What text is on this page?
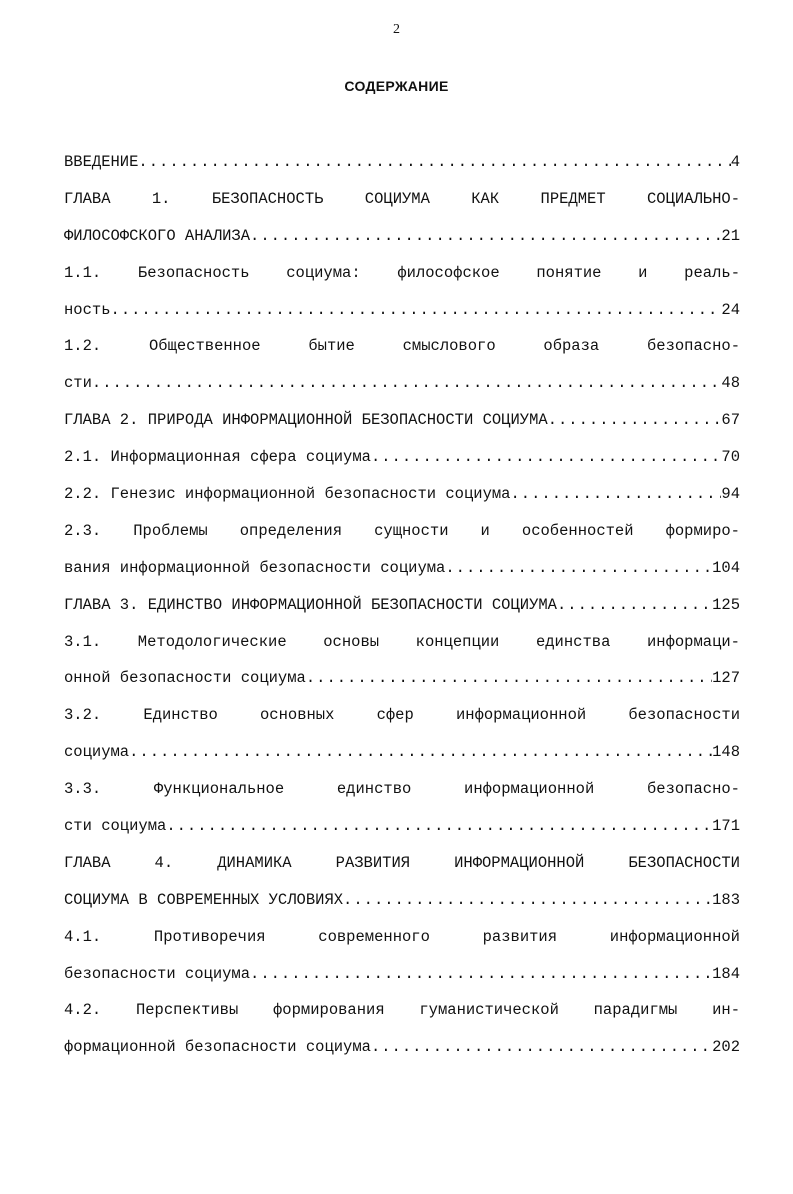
2
СОДЕРЖАНИЕ
ВВЕДЕНИЕ .....	4
ГЛАВА 1. БЕЗОПАСНОСТЬ СОЦИУМА КАК ПРЕДМЕТ СОЦИАЛЬНО-
ФИЛОСОФСКОГО АНАЛИЗА .....	21
1.1. Безопасность социума: философское понятие и реаль-
ность .....	24
1.2. Общественное бытие смыслового образа безопасно-
сти .....	48
ГЛАВА 2. ПРИРОДА ИНФОРМАЦИОННОЙ БЕЗОПАСНОСТИ СОЦИУМА .....	67
2.1. Информационная сфера социума .....	70
2.2. Генезис информационной безопасности социума .....	94
2.3. Проблемы определения сущности и особенностей формиро-
вания информационной безопасности социума .....	104
ГЛАВА 3. ЕДИНСТВО ИНФОРМАЦИОННОЙ БЕЗОПАСНОСТИ СОЦИУМА .....	125
3.1. Методологические основы концепции единства информаци-
онной безопасности социума .....	127
3.2. Единство основных сфер информационной безопасности
социума .....	148
3.3. Функциональное единство информационной безопасно-
сти социума .....	171
ГЛАВА 4. ДИНАМИКА РАЗВИТИЯ ИНФОРМАЦИОННОЙ БЕЗОПАСНОСТИ
СОЦИУМА В СОВРЕМЕННЫХ УСЛОВИЯХ .....	183
4.1. Противоречия современного развития информационной
безопасности социума .....	184
4.2. Перспективы формирования гуманистической парадигмы ин-
формационной безопасности социума .....	202
